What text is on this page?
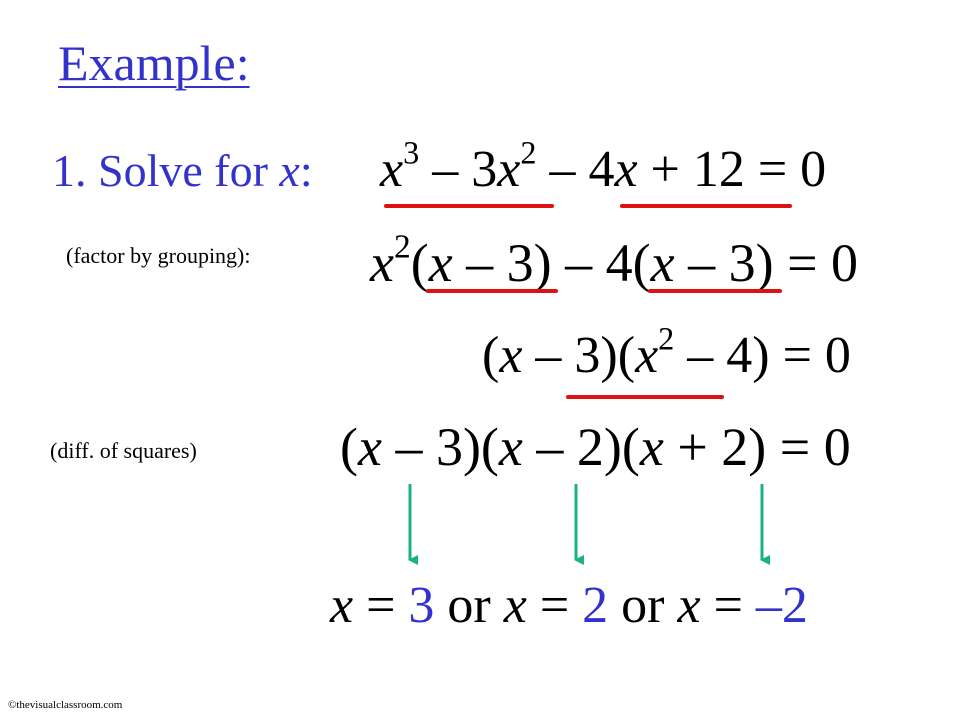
Example:
1. Solve for x: $x^3 - 3x^2 - 4x + 12 = 0$
(factor by grouping): $x^2(x - 3) - 4(x - 3) = 0$
$(x - 3)(x^2 - 4) = 0$
(diff. of squares)	(x – 3)(x – 2)(x + 2) = 0
x = 3 or x = 2 or x = –2
©thevisualclassroom.com
